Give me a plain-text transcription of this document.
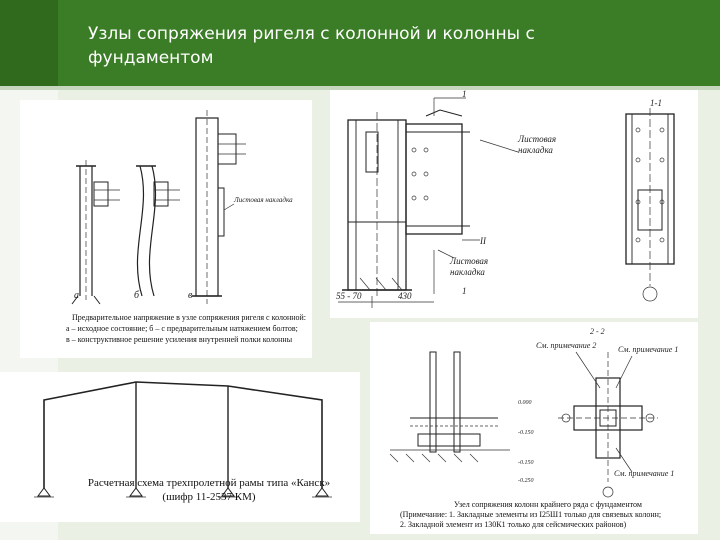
Узлы сопряжения ригеля с колонной и колонны с
фундаментом
а	б
Листовая накладка
в
Предварительное напряжение в узле сопряжения ригеля с колонной:
а – исходное состояние; б – с предварительным натяжением болтов;
в – конструктивное решение усиления внутренней полки колонны
1
II
1
Листовая
накладка
Листовая
накладка
55 - 70	430
1-1
Расчетная схема трехпролетной рамы типа «Канск»
(шифр 11-2537 КМ)
2 - 2
0.000
-0.150
-0.150
-0.250
См. примечание 2	См. примечание 1
См. примечание 1
Узел сопряжения колонн крайнего ряда с фундаментом
(Примечание: 1. Закладные элементы из I25Ш1 только для связевых колонн;
2. Закладной элемент из 130К1 только для сейсмических районов)
